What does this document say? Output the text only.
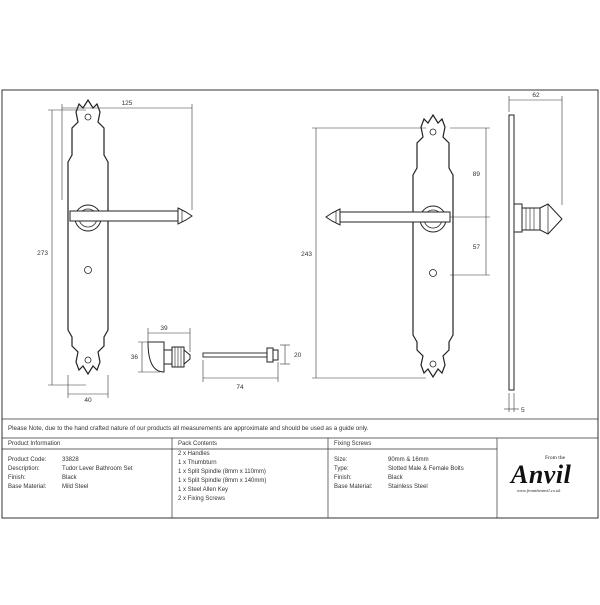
125
273
40
39
36
74
20
243
89
57
62
5
Please Note, due to the hand crafted nature of our products all measurements are approximate and should be used as a guide only.
Product Information
Product Code:	33828
Description:	Tudor Lever Bathroom Set
Finish:	Black
Base Material:	Mild Steel
Pack Contents
2 x Handles
1 x Thumbturn
1 x Split Spindle (8mm x 110mm)
1 x Split Spindle (8mm x 140mm)
1 x Steel Allen Key
2 x Fixing Screws
Fixing Screws
Size:	90mm & 16mm
Type:	Slotted Male & Female Bolts
Finish:	Black
Base Material:	Stainless Steel
From the
Anvil
www.fromtheanvil.co.uk
